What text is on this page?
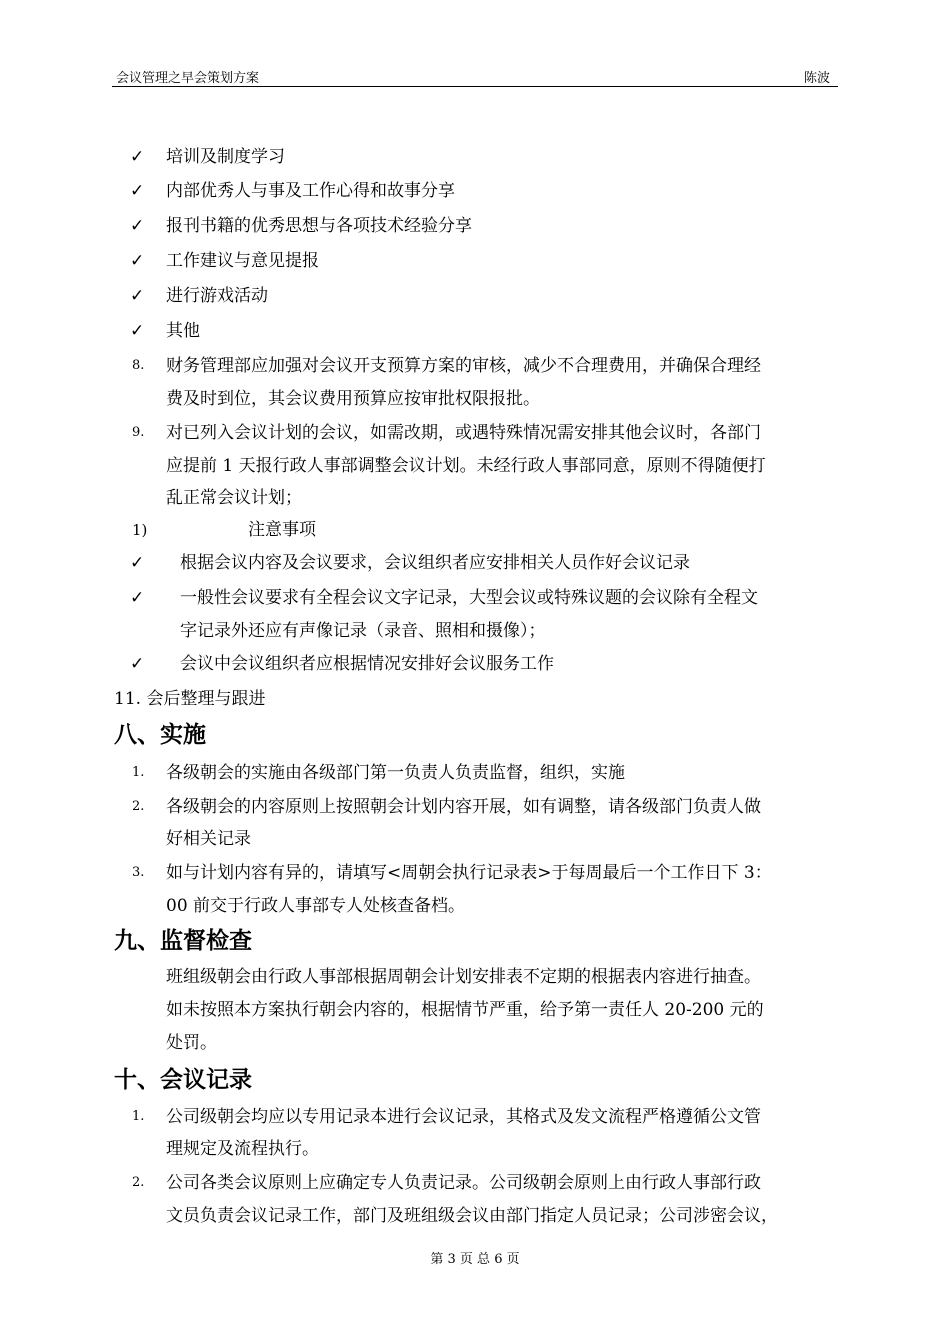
会议管理之早会策划方案	陈波
✓ 培训及制度学习
✓ 内部优秀人与事及工作心得和故事分享
✓ 报刊书籍的优秀思想与各项技术经验分享
✓ 工作建议与意见提报
✓ 进行游戏活动
✓ 其他
8. 财务管理部应加强对会议开支预算方案的审核，减少不合理费用，并确保合理经
费及时到位，其会议费用预算应按审批权限报批。
9. 对已列入会议计划的会议，如需改期，或遇特殊情况需安排其他会议时，各部门
应提前 1 天报行政人事部调整会议计划。未经行政人事部同意，原则不得随便打
乱正常会议计划；
1)	注意事项
✓ 根据会议内容及会议要求，会议组织者应安排相关人员作好会议记录
✓ 一般性会议要求有全程会议文字记录，大型会议或特殊议题的会议除有全程文
字记录外还应有声像记录（录音、照相和摄像）；
✓ 会议中会议组织者应根据情况安排好会议服务工作
11. 会后整理与跟进
八、实施
1. 各级朝会的实施由各级部门第一负责人负责监督，组织，实施
2. 各级朝会的内容原则上按照朝会计划内容开展，如有调整，请各级部门负责人做
好相关记录
3. 如与计划内容有异的，请填写<周朝会执行记录表>于每周最后一个工作日下 3：
00 前交于行政人事部专人处核查备档。
九、监督检查
班组级朝会由行政人事部根据周朝会计划安排表不定期的根据表内容进行抽查。
如未按照本方案执行朝会内容的，根据情节严重，给予第一责任人 20-200 元的
处罚。
十、会议记录
1. 公司级朝会均应以专用记录本进行会议记录，其格式及发文流程严格遵循公文管
理规定及流程执行。
2. 公司各类会议原则上应确定专人负责记录。公司级朝会原则上由行政人事部行政
文员负责会议记录工作，部门及班组级会议由部门指定人员记录；公司涉密会议，
第 3 页 总 6 页
